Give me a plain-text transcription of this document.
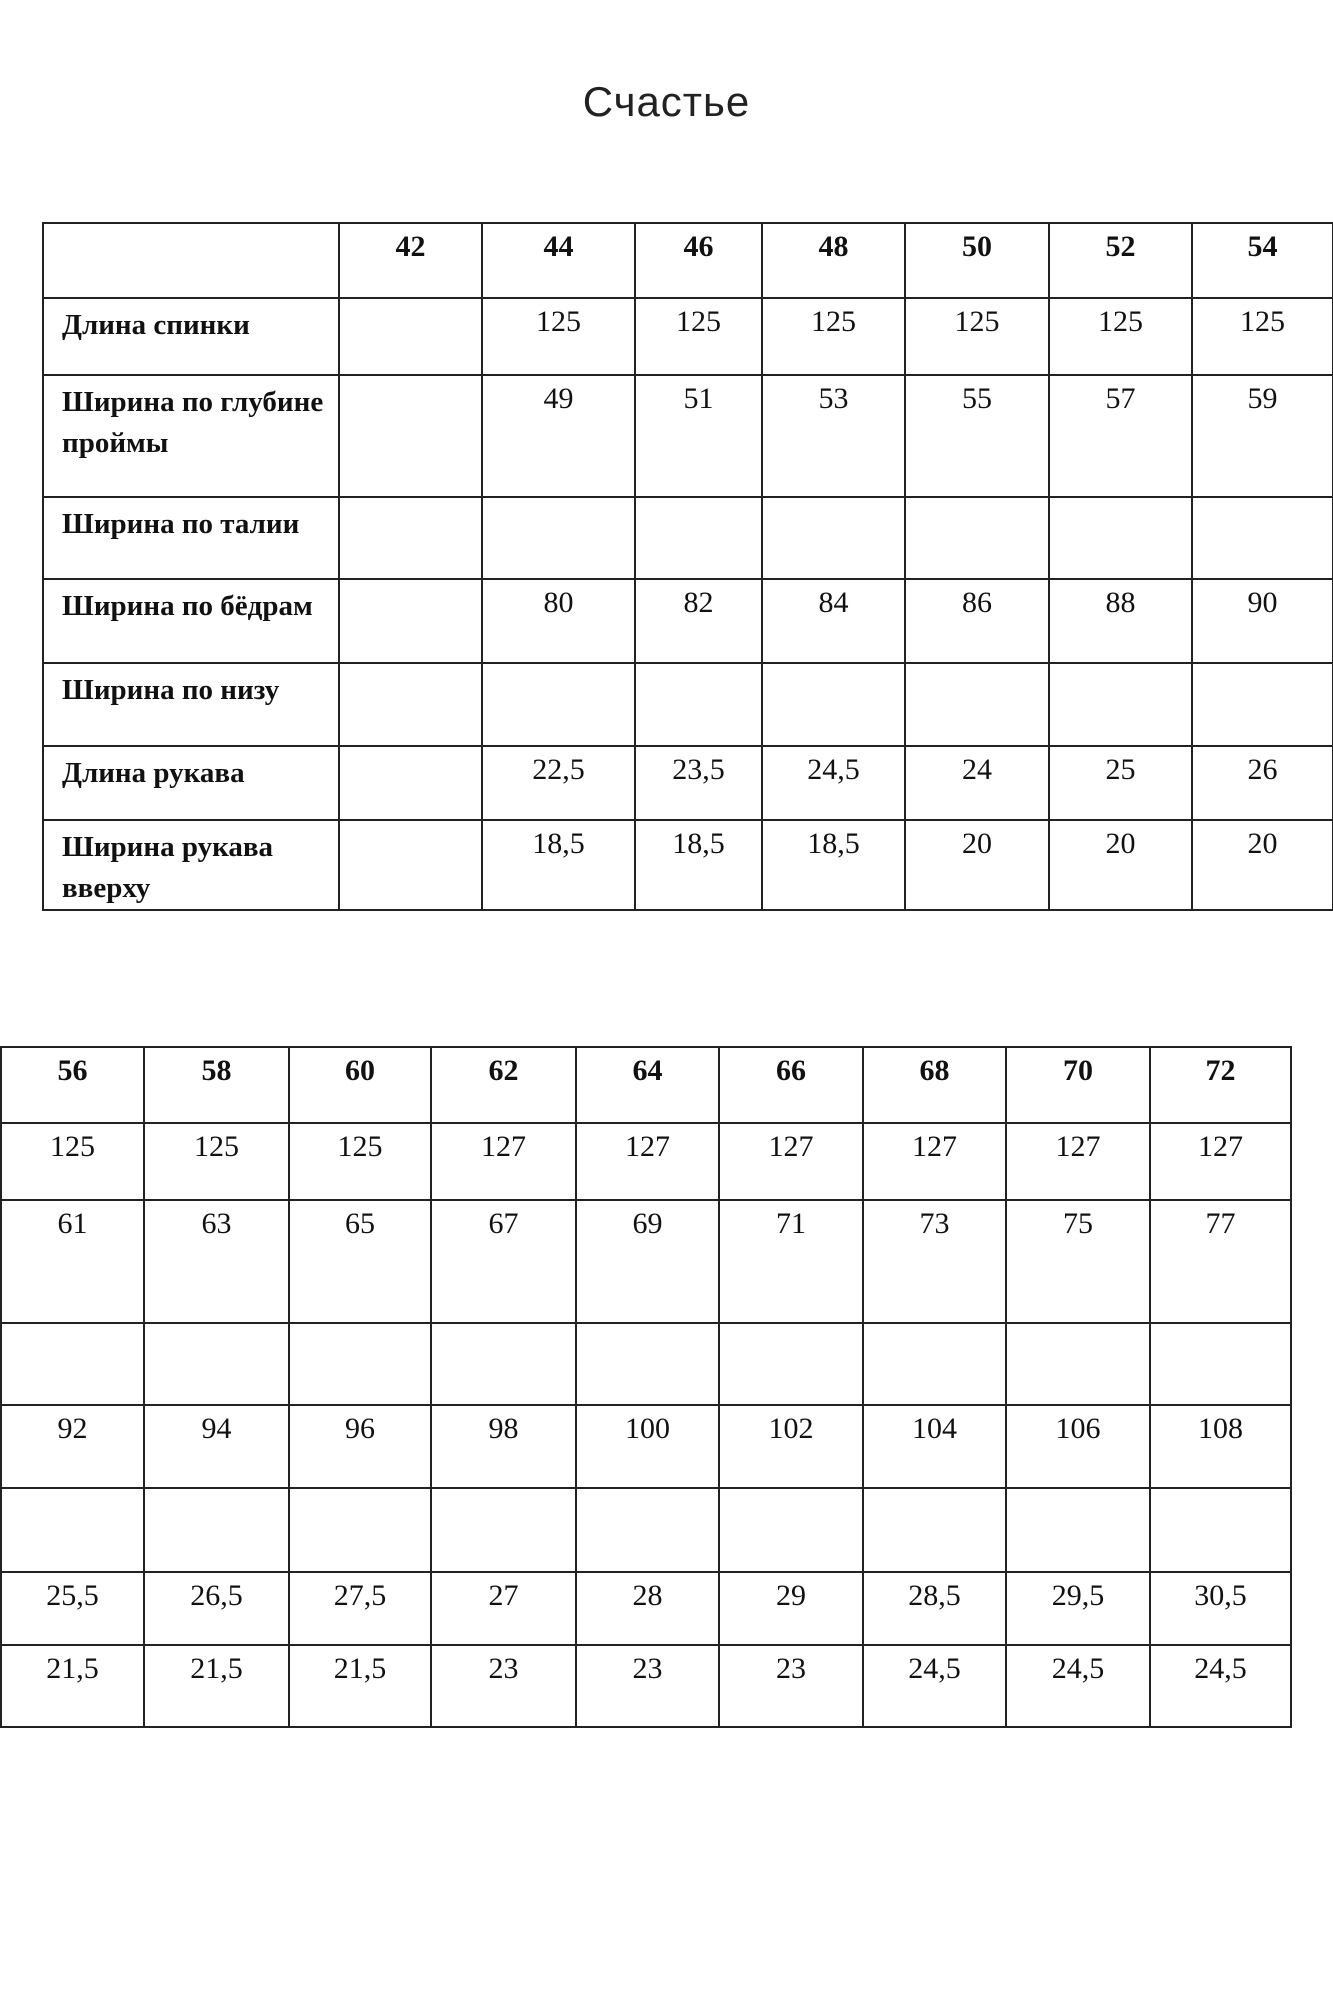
Счастье
	42	44	46	48	50	52	54
Длина спинки		125	125	125	125	125	125
Ширина по глубине проймы		49	51	53	55	57	59
Ширина по талии							
Ширина по бёдрам		80	82	84	86	88	90
Ширина по низу							
Длина рукава		22,5	23,5	24,5	24	25	26
Ширина рукава вверху		18,5	18,5	18,5	20	20	20
56	58	60	62	64	66	68	70	72
125	125	125	127	127	127	127	127	127
61	63	65	67	69	71	73	75	77

92	94	96	98	100	102	104	106	108

25,5	26,5	27,5	27	28	29	28,5	29,5	30,5
21,5	21,5	21,5	23	23	23	24,5	24,5	24,5
